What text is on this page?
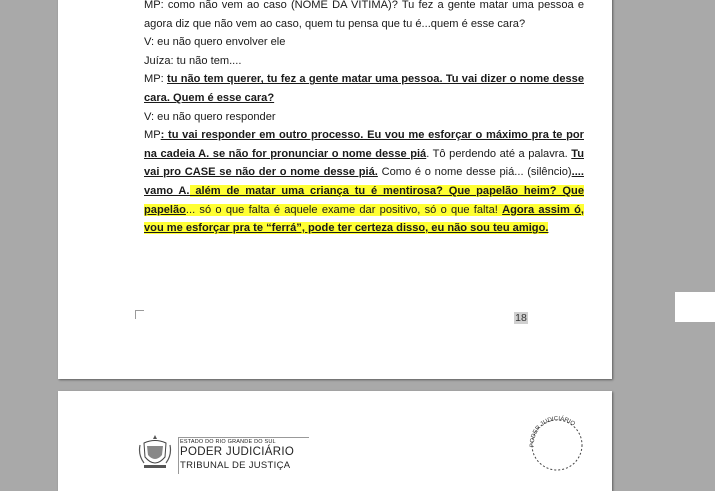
MP: como não vem ao caso (NOME DA VÍTIMA)? Tu fez a gente matar uma pessoa e agora diz que não vem ao caso, quem tu pensa que tu é...quem é esse cara?

V: eu não quero envolver ele

Juíza: tu não tem....

MP: tu não tem querer, tu fez a gente matar uma pessoa. Tu vai dizer o nome desse cara. Quem é esse cara?

V: eu não quero responder

MP: tu vai responder em outro processo. Eu vou me esforçar o máximo pra te por na cadeia A. se não for pronunciar o nome desse piá. Tô perdendo até a palavra. Tu vai pro CASE se não der o nome desse piá. Como é o nome desse piá... (silêncio).... vamo A. além de matar uma criança tu é mentirosa? Que papelão heim? Que papelão... só o que falta é aquele exame dar positivo, só o que falta! Agora assim ó, vou me esforçar pra te “ferrá”, pode ter certeza disso, eu não sou teu amigo.

18
ESTADO DO RIO GRANDE DO SUL
PODER JUDICIÁRIO
TRIBUNAL DE JUSTIÇA
PODER JUDICIÁRIO
